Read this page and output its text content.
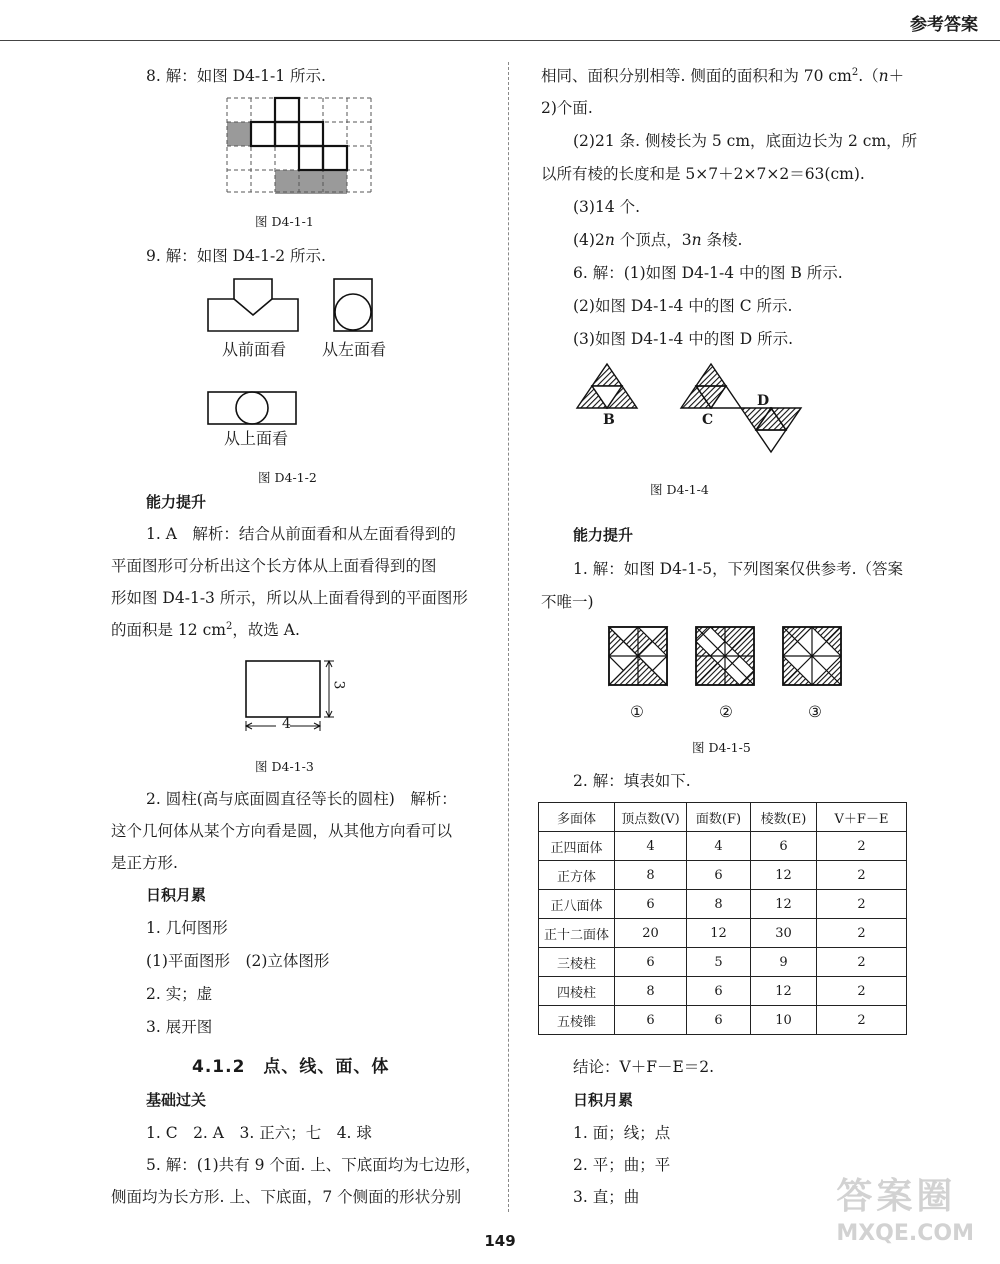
参考答案
8. 解：如图 D4-1-1 所示.
图 D4-1-1
9. 解：如图 D4-1-2 所示.
从前面看 从左面看
从上面看
图 D4-1-2
能力提升
1. A　解析：结合从前面看和从左面看得到的
平面图形可分析出这个长方体从上面看得到的图
形如图 D4-1-3 所示，所以从上面看得到的平面图形
的面积是 12 $cm^2$，故选 A.
4
3
图 D4-1-3
2. 圆柱(高与底面圆直径等长的圆柱)　解析：
这个几何体从某个方向看是圆，从其他方向看可以
是正方形.
日积月累
1. 几何图形
(1)平面图形　(2)立体图形
2. 实；虚
3. 展开图
4.1.2　点、线、面、体
基础过关
1. C　2. A　3. 正六；七　4. 球
5. 解：(1)共有 9 个面. 上、下底面均为七边形，
侧面均为长方形. 上、下底面，7 个侧面的形状分别
相同、面积分别相等. 侧面的面积和为 70 $cm^2.(n+$
2)个面.
(2)21 条. 侧棱长为 5 cm，底面边长为 2 cm，所
以所有棱的长度和是 5×7＋2×7×2＝63(cm).
(3)14 个.
(4)2n 个顶点，3n 条棱.
6. 解：(1)如图 D4-1-4 中的图 B 所示.
(2)如图 D4-1-4 中的图 C 所示.
(3)如图 D4-1-4 中的图 D 所示.
B	C
D
图 D4-1-4
能力提升
1. 解：如图 D4-1-5，下列图案仅供参考.（答案
不唯一)
①	②	③
图 D4-1-5
2. 解：填表如下.
多面体	顶点数(V)	面数(F)	棱数(E)	V＋F－E
正四面体	4	4	6	2
正方体	8	6	12	2
正八面体	6	8	12	2
正十二面体	20	12	30	2
三棱柱	6	5	9	2
四棱柱	8	6	12	2
五棱锥	6	6	10	2
结论：V＋F－E＝2.
日积月累
1. 面；线；点
2. 平；曲；平
3. 直；曲
149
答案圈
MXQE.COM
